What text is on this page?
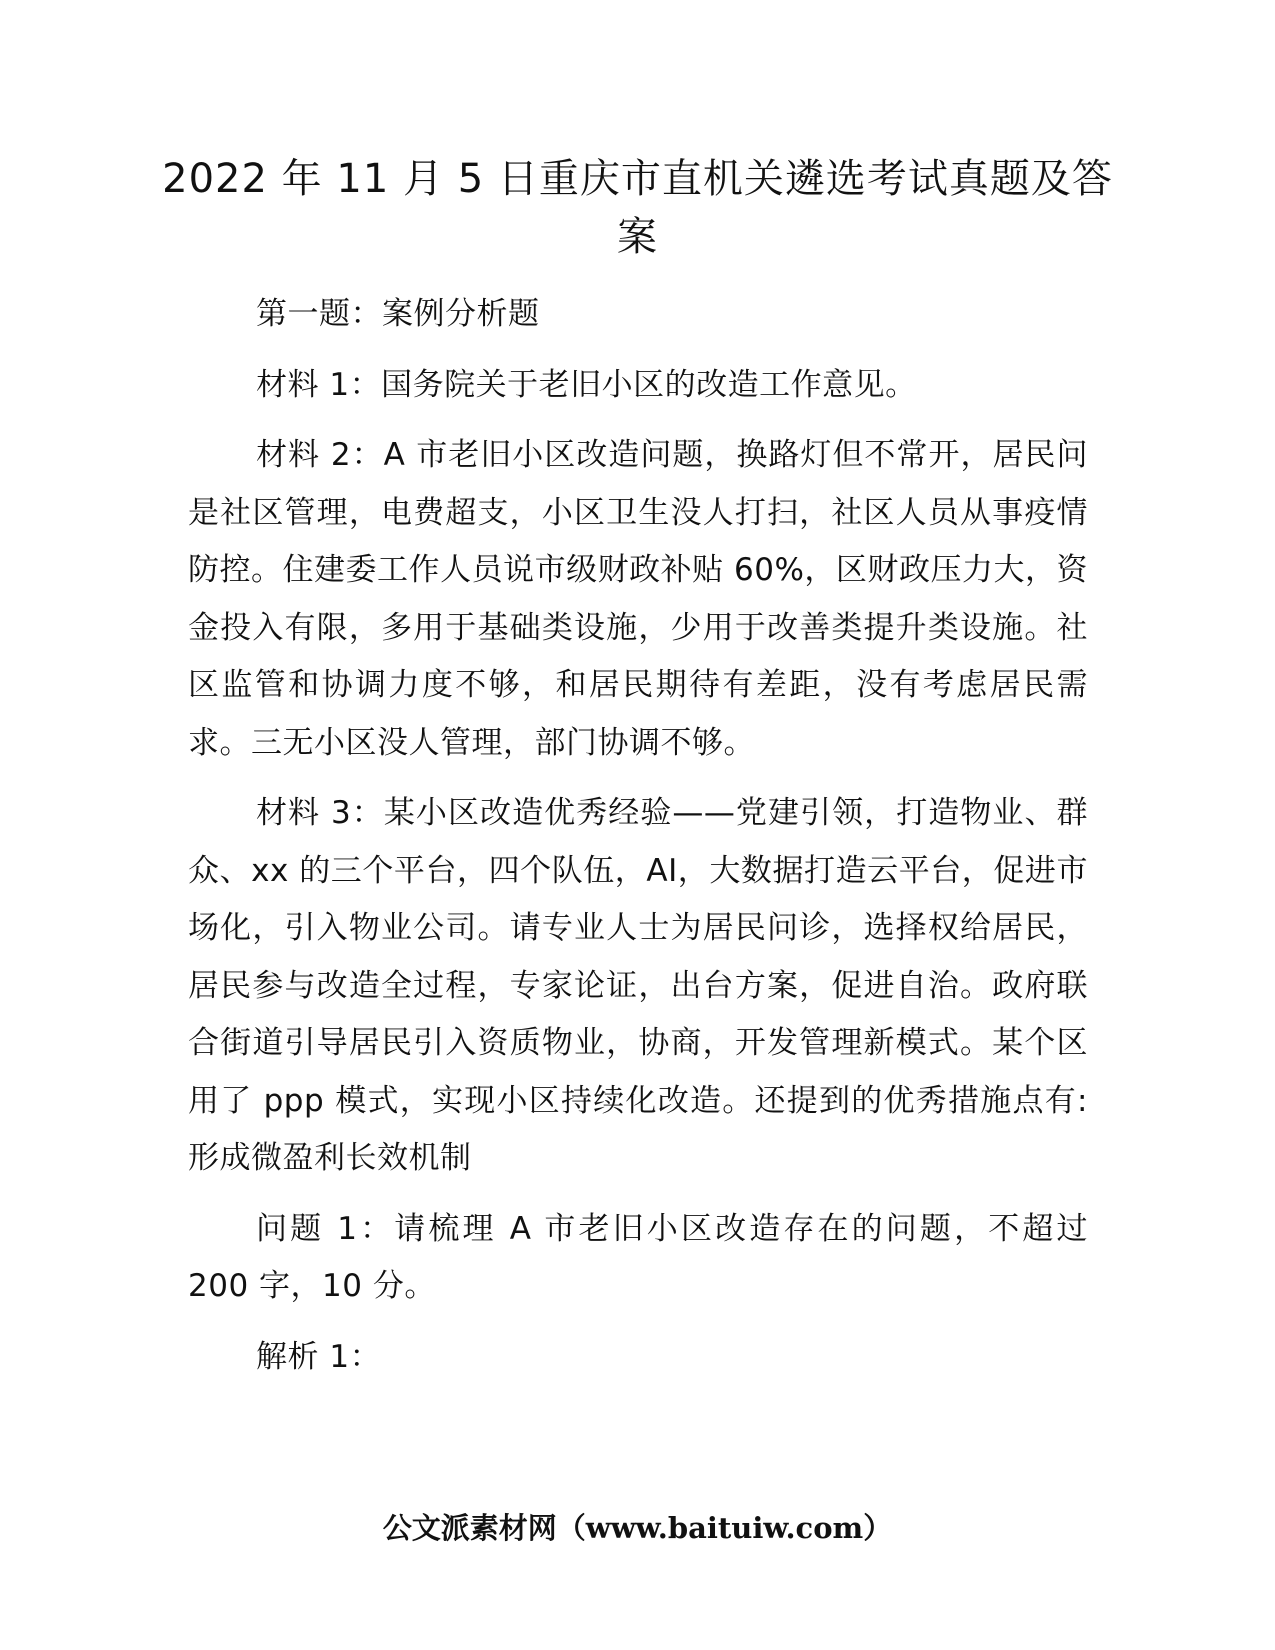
2022 年 11 月 5 日重庆市直机关遴选考试真题及答案

第一题：案例分析题

材料 1：国务院关于老旧小区的改造工作意见。

材料 2：A 市老旧小区改造问题，换路灯但不常开，居民问是社区管理，电费超支，小区卫生没人打扫，社区人员从事疫情防控。住建委工作人员说市级财政补贴 60%，区财政压力大，资金投入有限，多用于基础类设施，少用于改善类提升类设施。社区监管和协调力度不够，和居民期待有差距，没有考虑居民需求。三无小区没人管理，部门协调不够。

材料 3：某小区改造优秀经验——党建引领，打造物业、群众、xx 的三个平台，四个队伍，AI，大数据打造云平台，促进市场化，引入物业公司。请专业人士为居民问诊，选择权给居民，居民参与改造全过程，专家论证，出台方案，促进自治。政府联合街道引导居民引入资质物业，协商，开发管理新模式。某个区用了 ppp 模式，实现小区持续化改造。还提到的优秀措施点有:形成微盈利长效机制

问题 1：请梳理 A 市老旧小区改造存在的问题，不超过 200 字，10 分。

解析 1：

公文派素材网（www.baituiw.com）
